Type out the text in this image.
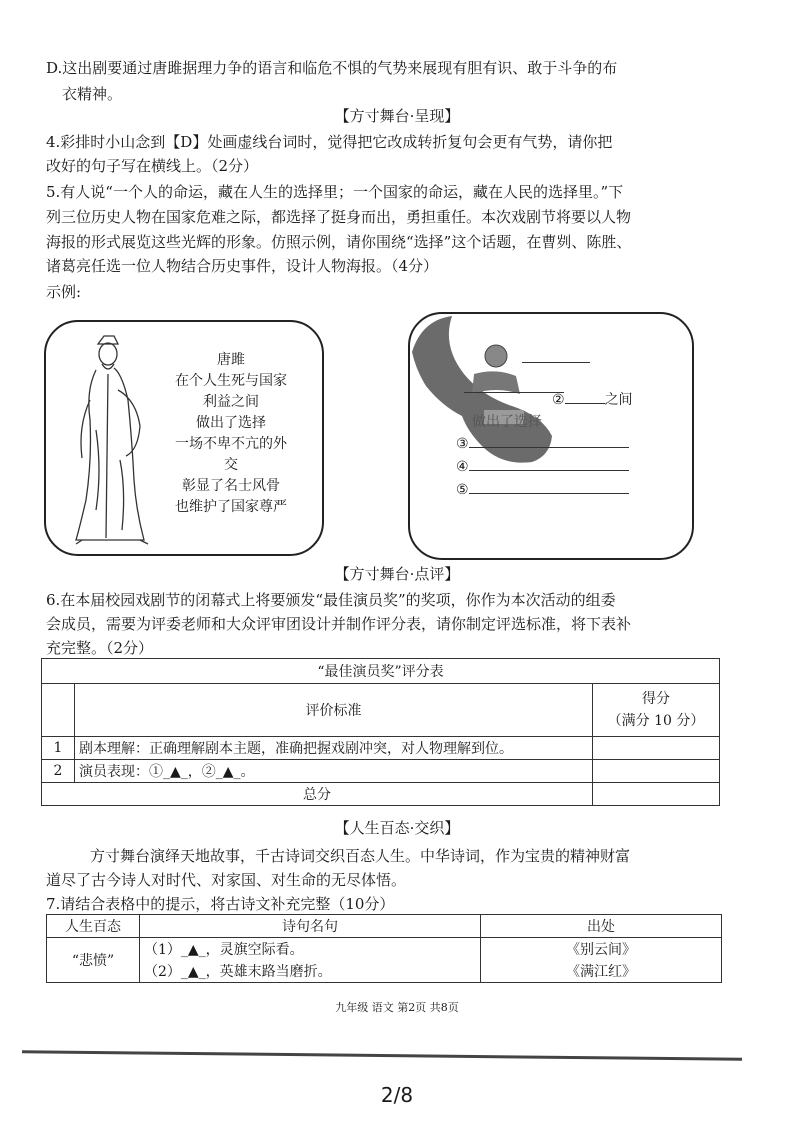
D.这出剧要通过唐雎据理力争的语言和临危不惧的气势来展现有胆有识、敢于斗争的布
衣精神。
【方寸舞台·呈现】
4.彩排时小山念到【D】处画虚线台词时，觉得把它改成转折复句会更有气势，请你把
改好的句子写在横线上。（2分）
5.有人说“一个人的命运，藏在人生的选择里；一个国家的命运，藏在人民的选择里。”下
列三位历史人物在国家危难之际，都选择了挺身而出，勇担重任。本次戏剧节将要以人物
海报的形式展览这些光辉的形象。仿照示例，请你围绕“选择”这个话题，在曹刿、陈胜、
诸葛亮任选一位人物结合历史事件，设计人物海报。（4分）
示例:
唐雎
在个人生死与国家
利益之间
做出了选择
一场不卑不亢的外
交
彰显了名士风骨
也维护了国家尊严
②	之间
做出了选择
③
④
⑤
【方寸舞台·点评】
6.在本届校园戏剧节的闭幕式上将要颁发“最佳演员奖”的奖项，你作为本次活动的组委
会成员，需要为评委老师和大众评审团设计并制作评分表，请你制定评选标准，将下表补
充完整。（2分）
“最佳演员奖”评分表		
	评价标准	得分
（满分 10 分）

1	剧本理解：正确理解剧本主题，准确把握戏剧冲突，对人物理解到位。	
2	演员表现：①_▲_，②_▲_。	
总分		
【人生百态·交织】
方寸舞台演绎天地故事，千古诗词交织百态人生。中华诗词，作为宝贵的精神财富
道尽了古今诗人对时代、对家国、对生命的无尽体悟。
7.请结合表格中的提示，将古诗文补充完整（10分）
人生百态	诗句名句	出处
“悲愤”	（1）_▲_，灵旗空际看。	《别云间》
	（2）_▲_，英雄末路当磨折。	《满江红》
九年级 语文 第2页 共8页
2/8
